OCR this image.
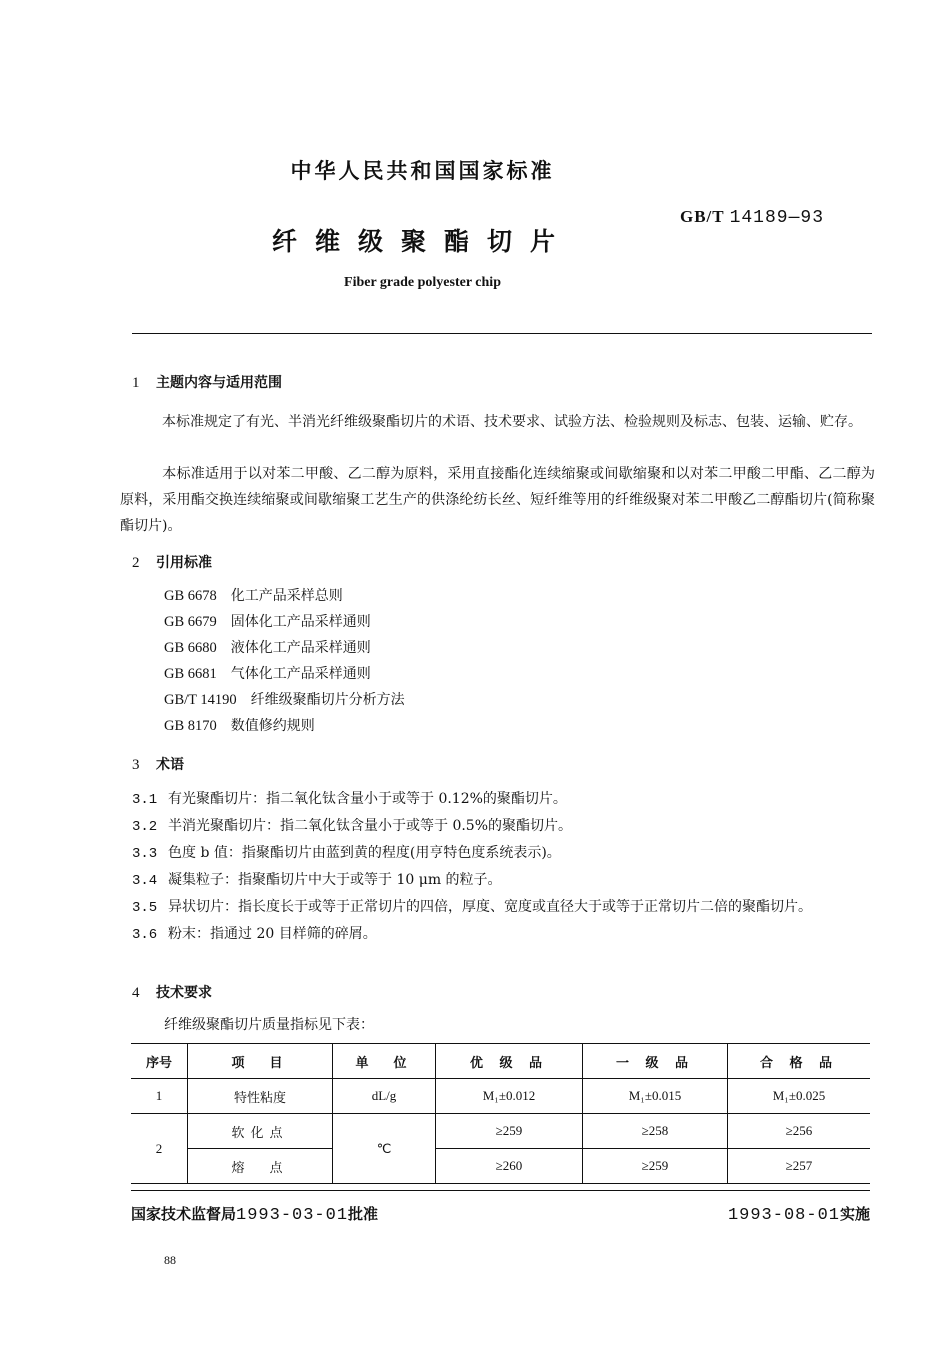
中华人民共和国国家标准
GB/T 14189—93
纤维级聚酯切片
Fiber grade polyester chip
1 主题内容与适用范围
本标准规定了有光、半消光纤维级聚酯切片的术语、技术要求、试验方法、检验规则及标志、包装、运输、贮存。
本标准适用于以对苯二甲酸、乙二醇为原料，采用直接酯化连续缩聚或间歇缩聚和以对苯二甲酸二甲酯、乙二醇为原料，采用酯交换连续缩聚或间歇缩聚工艺生产的供涤纶纺长丝、短纤维等用的纤维级聚对苯二甲酸乙二醇酯切片(简称聚酯切片)。
2 引用标准
GB 6678 化工产品采样总则
GB 6679 固体化工产品采样通则
GB 6680 液体化工产品采样通则
GB 6681 气体化工产品采样通则
GB/T 14190 纤维级聚酯切片分析方法
GB 8170 数值修约规则
3 术语
3.1 有光聚酯切片：指二氧化钛含量小于或等于 0.12%的聚酯切片。
3.2 半消光聚酯切片：指二氧化钛含量小于或等于 0.5%的聚酯切片。
3.3 色度 b 值：指聚酯切片由蓝到黄的程度(用亨特色度系统表示)。
3.4 凝集粒子：指聚酯切片中大于或等于 10 μm 的粒子。
3.5 异状切片：指长度长于或等于正常切片的四倍，厚度、宽度或直径大于或等于正常切片二倍的聚酯切片。
3.6 粉末：指通过 20 目样筛的碎屑。
4 技术要求
纤维级聚酯切片质量指标见下表：
序号	项　目	单　位	优 级 品	一 级 品	合 格 品
1	特性粘度	dL/g	M₁±0.012	M₁±0.015	M₁±0.025
2	软化点	℃	≥259	≥258	≥256
	熔　点		≥260	≥259	≥257
国家技术监督局1993-03-01批准	1993-08-01实施
88
